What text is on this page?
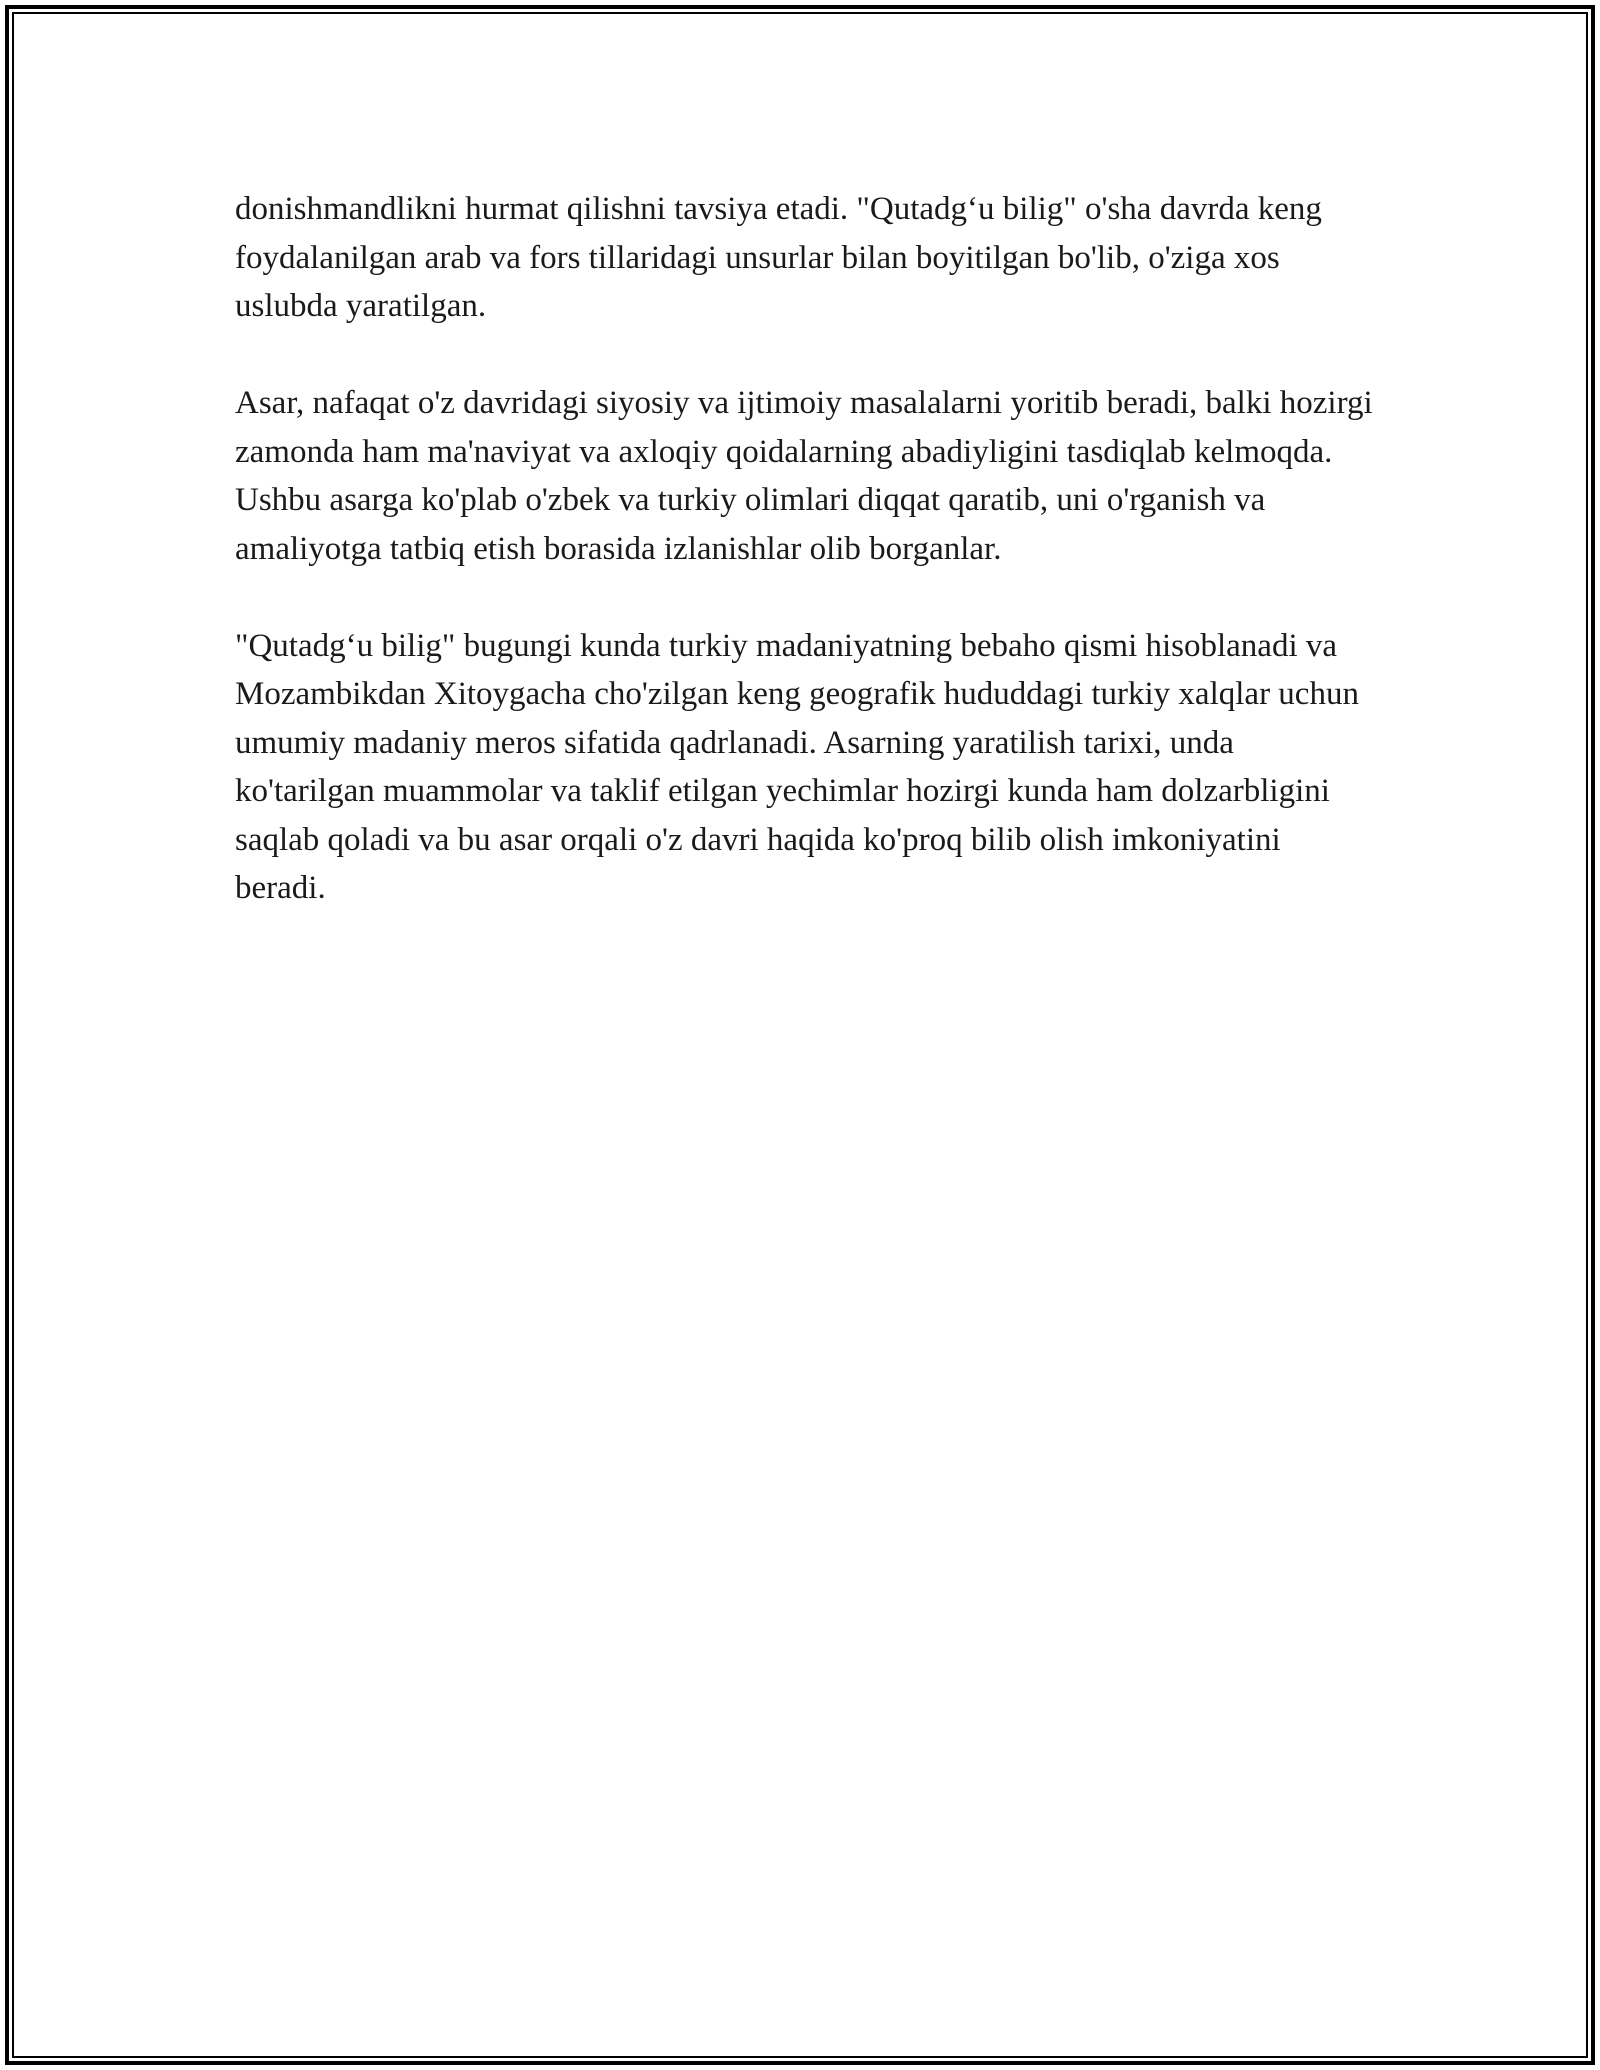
donishmandlikni hurmat qilishni tavsiya etadi. "Qutadg‘u bilig" o'sha davrda keng foydalanilgan arab va fors tillaridagi unsurlar bilan boyitilgan bo'lib, o'ziga xos uslubda yaratilgan.

Asar, nafaqat o'z davridagi siyosiy va ijtimoiy masalalarni yoritib beradi, balki hozirgi zamonda ham ma'naviyat va axloqiy qoidalarning abadiyligini tasdiqlab kelmoqda. Ushbu asarga ko'plab o'zbek va turkiy olimlari diqqat qaratib, uni o'rganish va amaliyotga tatbiq etish borasida izlanishlar olib borganlar.

"Qutadg‘u bilig" bugungi kunda turkiy madaniyatning bebaho qismi hisoblanadi va Mozambikdan Xitoygacha cho'zilgan keng geografik hududdagi turkiy xalqlar uchun umumiy madaniy meros sifatida qadrlanadi. Asarning yaratilish tarixi, unda ko'tarilgan muammolar va taklif etilgan yechimlar hozirgi kunda ham dolzarbligini saqlab qoladi va bu asar orqali o'z davri haqida ko'proq bilib olish imkoniyatini beradi.
